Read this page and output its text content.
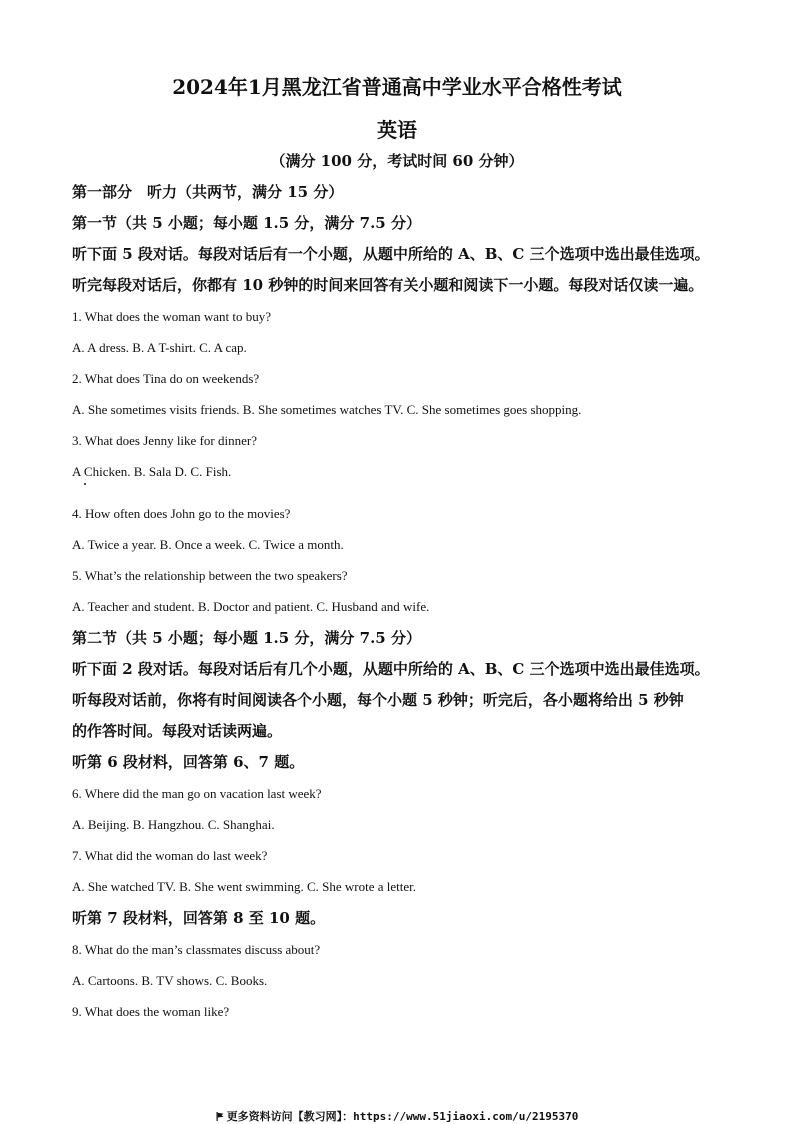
2024年1月黑龙江省普通高中学业水平合格性考试
英语
（满分 100 分，考试时间 60 分钟）
第一部分　听力（共两节，满分 15 分）
第一节（共 5 小题；每小题 1.5 分，满分 7.5 分）
听下面 5 段对话。每段对话后有一个小题，从题中所给的 A、B、C 三个选项中选出最佳选项。
听完每段对话后，你都有 10 秒钟的时间来回答有关小题和阅读下一小题。每段对话仅读一遍。
1. What does the woman want to buy?
A. A dress. B. A T-shirt. C. A cap.
2. What does Tina do on weekends?
A. She sometimes visits friends. B. She sometimes watches TV. C. She sometimes goes shopping.
3. What does Jenny like for dinner?
A Chicken. B. Sala D. C. Fish.
4. How often does John go to the movies?
A. Twice a year. B. Once a week. C. Twice a month.
5. What’s the relationship between the two speakers?
A. Teacher and student. B. Doctor and patient. C. Husband and wife.
第二节（共 5 小题；每小题 1.5 分，满分 7.5 分）
听下面 2 段对话。每段对话后有几个小题，从题中所给的 A、B、C 三个选项中选出最佳选项。
听每段对话前，你将有时间阅读各个小题，每个小题 5 秒钟；听完后，各小题将给出 5 秒钟
的作答时间。每段对话读两遍。
听第 6 段材料，回答第 6、7 题。
6. Where did the man go on vacation last week?
A. Beijing. B. Hangzhou. C. Shanghai.
7. What did the woman do last week?
A. She watched TV. B. She went swimming. C. She wrote a letter.
听第 7 段材料，回答第 8 至 10 题。
8. What do the man’s classmates discuss about?
A. Cartoons. B. TV shows. C. Books.
9. What does the woman like?
更多资料访问【教习网】：https://www.51jiaoxi.com/u/2195370
